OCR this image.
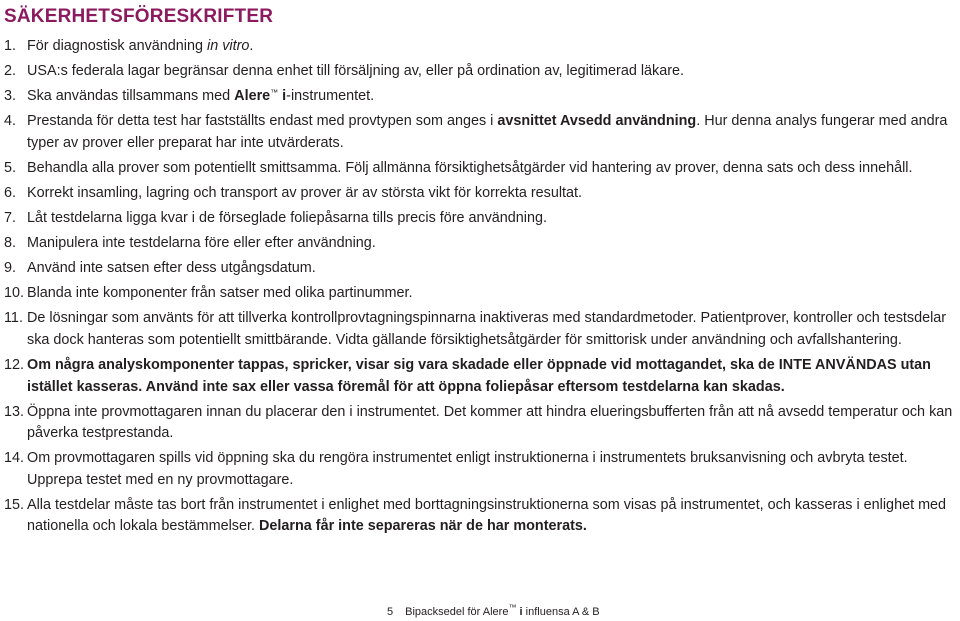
SÄKERHETSFÖRESKRIFTER
1. För diagnostisk användning in vitro.
2. USA:s federala lagar begränsar denna enhet till försäljning av, eller på ordination av, legitimerad läkare.
3. Ska användas tillsammans med Alere™ i-instrumentet.
4. Prestanda för detta test har fastställts endast med provtypen som anges i avsnittet Avsedd användning. Hur denna analys fungerar med andra typer av prover eller preparat har inte utvärderats.
5. Behandla alla prover som potentiellt smittsamma. Följ allmänna försiktighetsåtgärder vid hantering av prover, denna sats och dess innehåll.
6. Korrekt insamling, lagring och transport av prover är av största vikt för korrekta resultat.
7. Låt testdelarna ligga kvar i de förseglade foliepåsarna tills precis före användning.
8. Manipulera inte testdelarna före eller efter användning.
9. Använd inte satsen efter dess utgångsdatum.
10. Blanda inte komponenter från satser med olika partinummer.
11. De lösningar som använts för att tillverka kontrollprovtagningspinnarna inaktiveras med standardmetoder. Patientprover, kontroller och testsdelar ska dock hanteras som potentiellt smittbärande. Vidta gällande försiktighetsåtgärder för smittorisk under användning och avfallshantering.
12. Om några analyskomponenter tappas, spricker, visar sig vara skadade eller öppnade vid mottagandet, ska de INTE ANVÄNDAS utan istället kasseras. Använd inte sax eller vassa föremål för att öppna foliepåsar eftersom testdelarna kan skadas.
13. Öppna inte provmottagaren innan du placerar den i instrumentet. Det kommer att hindra elueringsbufferten från att nå avsedd temperatur och kan påverka testprestanda.
14. Om provmottagaren spills vid öppning ska du rengöra instrumentet enligt instruktionerna i instrumentets bruksanvisning och avbryta testet. Upprepa testet med en ny provmottagare.
15. Alla testdelar måste tas bort från instrumentet i enlighet med borttagningsinstruktionerna som visas på instrumentet, och kasseras i enlighet med nationella och lokala bestämmelser. Delarna får inte separeras när de har monterats.
5 Bipacksedel för Alere™ i influensa A & B
